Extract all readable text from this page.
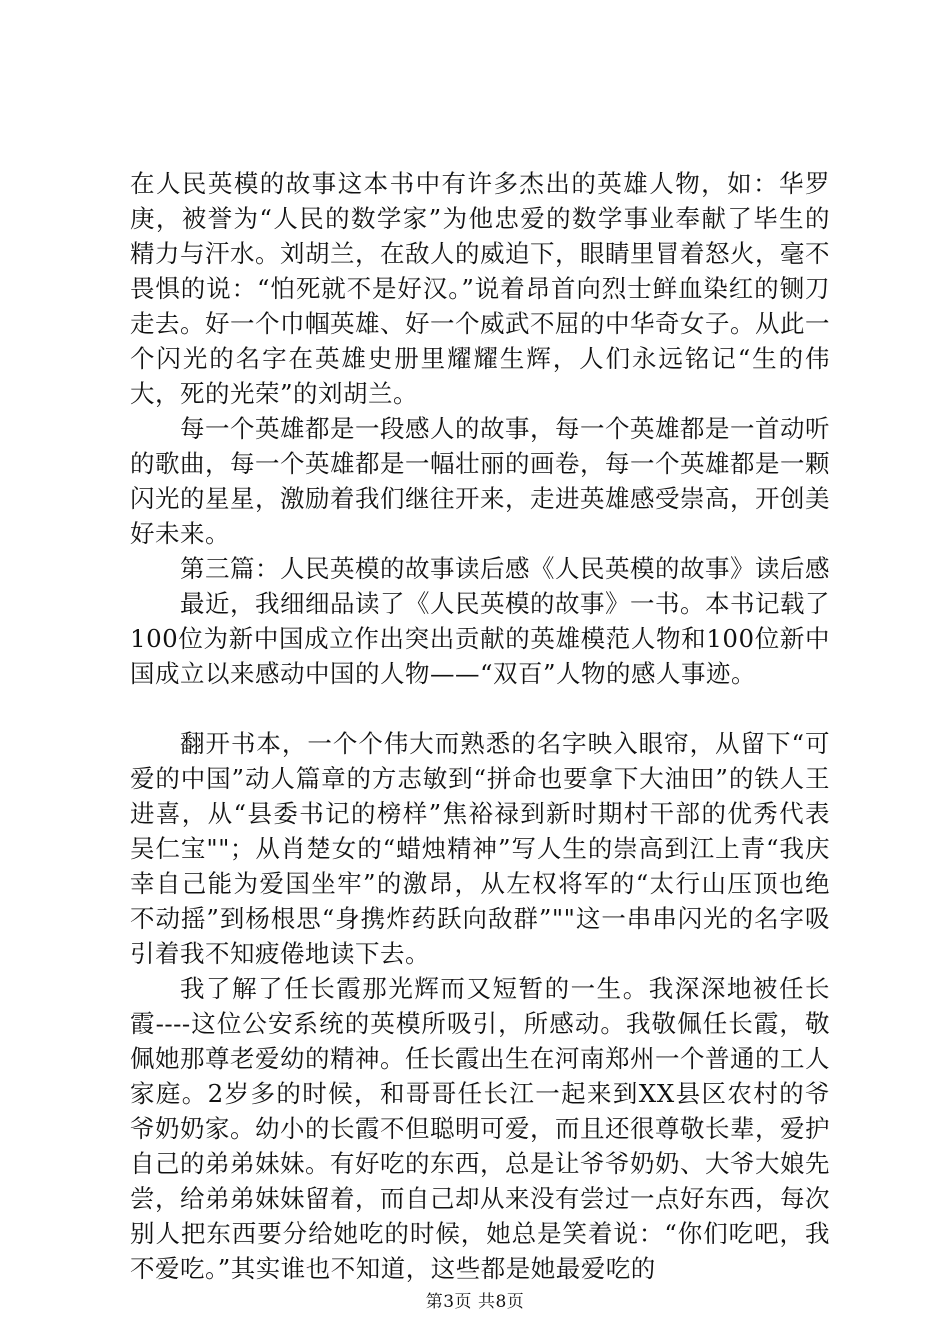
在人民英模的故事这本书中有许多杰出的英雄人物，如：华罗庚，被誉为“人民的数学家”为他忠爱的数学事业奉献了毕生的精力与汗水。刘胡兰，在敌人的威迫下，眼睛里冒着怒火，毫不畏惧的说：“怕死就不是好汉。”说着昂首向烈士鲜血染红的铡刀走去。好一个巾帼英雄、好一个威武不屈的中华奇女子。从此一个闪光的名字在英雄史册里耀耀生辉，人们永远铭记“生的伟大，死的光荣”的刘胡兰。

每一个英雄都是一段感人的故事，每一个英雄都是一首动听的歌曲，每一个英雄都是一幅壮丽的画卷，每一个英雄都是一颗闪光的星星，激励着我们继往开来，走进英雄感受崇高，开创美好未来。

第三篇：人民英模的故事读后感《人民英模的故事》读后感

最近，我细细品读了《人民英模的故事》一书。本书记载了100位为新中国成立作出突出贡献的英雄模范人物和100位新中国成立以来感动中国的人物——“双百”人物的感人事迹。

翻开书本，一个个伟大而熟悉的名字映入眼帘，从留下“可爱的中国”动人篇章的方志敏到“拼命也要拿下大油田”的铁人王进喜，从“县委书记的榜样”焦裕禄到新时期村干部的优秀代表吴仁宝""；从肖楚女的“蜡烛精神”写人生的崇高到江上青“我庆幸自己能为爱国坐牢”的激昂，从左权将军的“太行山压顶也绝不动摇”到杨根思“身携炸药跃向敌群”""这一串串闪光的名字吸引着我不知疲倦地读下去。

我了解了任长霞那光辉而又短暂的一生。我深深地被任长霞----这位公安系统的英模所吸引，所感动。我敬佩任长霞，敬佩她那尊老爱幼的精神。任长霞出生在河南郑州一个普通的工人家庭。2岁多的时候，和哥哥任长江一起来到XX县区农村的爷爷奶奶家。幼小的长霞不但聪明可爱，而且还很尊敬长辈，爱护自己的弟弟妹妹。有好吃的东西，总是让爷爷奶奶、大爷大娘先尝，给弟弟妹妹留着，而自己却从来没有尝过一点好东西，每次别人把东西要分给她吃的时候，她总是笑着说：“你们吃吧，我不爱吃。”其实谁也不知道，这些都是她最爱吃的

第3页 共8页
